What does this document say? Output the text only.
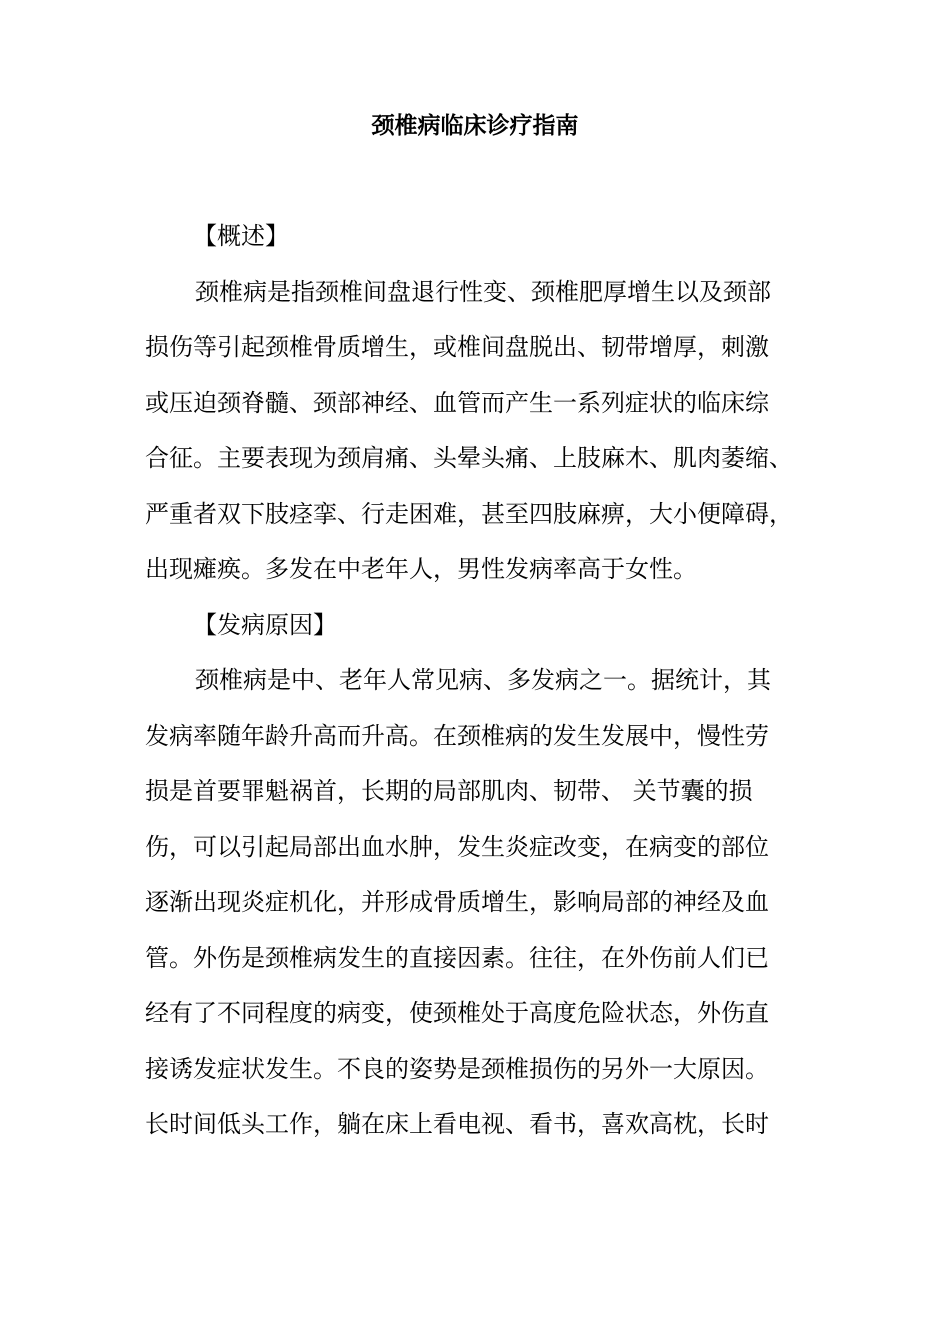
颈椎病临床诊疗指南
【概述】
颈椎病是指颈椎间盘退行性变、颈椎肥厚增生以及颈部
损伤等引起颈椎骨质增生，或椎间盘脱出、韧带增厚，刺激
或压迫颈脊髓、颈部神经、血管而产生一系列症状的临床综
合征。主要表现为颈肩痛、头晕头痛、上肢麻木、肌肉萎缩、
严重者双下肢痉挛、行走困难，甚至四肢麻痹，大小便障碍，
出现瘫痪。多发在中老年人，男性发病率高于女性。
【发病原因】
颈椎病是中、老年人常见病、多发病之一。据统计，其
发病率随年龄升高而升高。在颈椎病的发生发展中，慢性劳
损是首要罪魁祸首，长期的局部肌肉、韧带、 关节囊的损
伤，可以引起局部出血水肿，发生炎症改变，在病变的部位
逐渐出现炎症机化，并形成骨质增生，影响局部的神经及血
管。外伤是颈椎病发生的直接因素。往往，在外伤前人们已
经有了不同程度的病变，使颈椎处于高度危险状态，外伤直
接诱发症状发生。不良的姿势是颈椎损伤的另外一大原因。
长时间低头工作，躺在床上看电视、看书，喜欢高枕，长时
